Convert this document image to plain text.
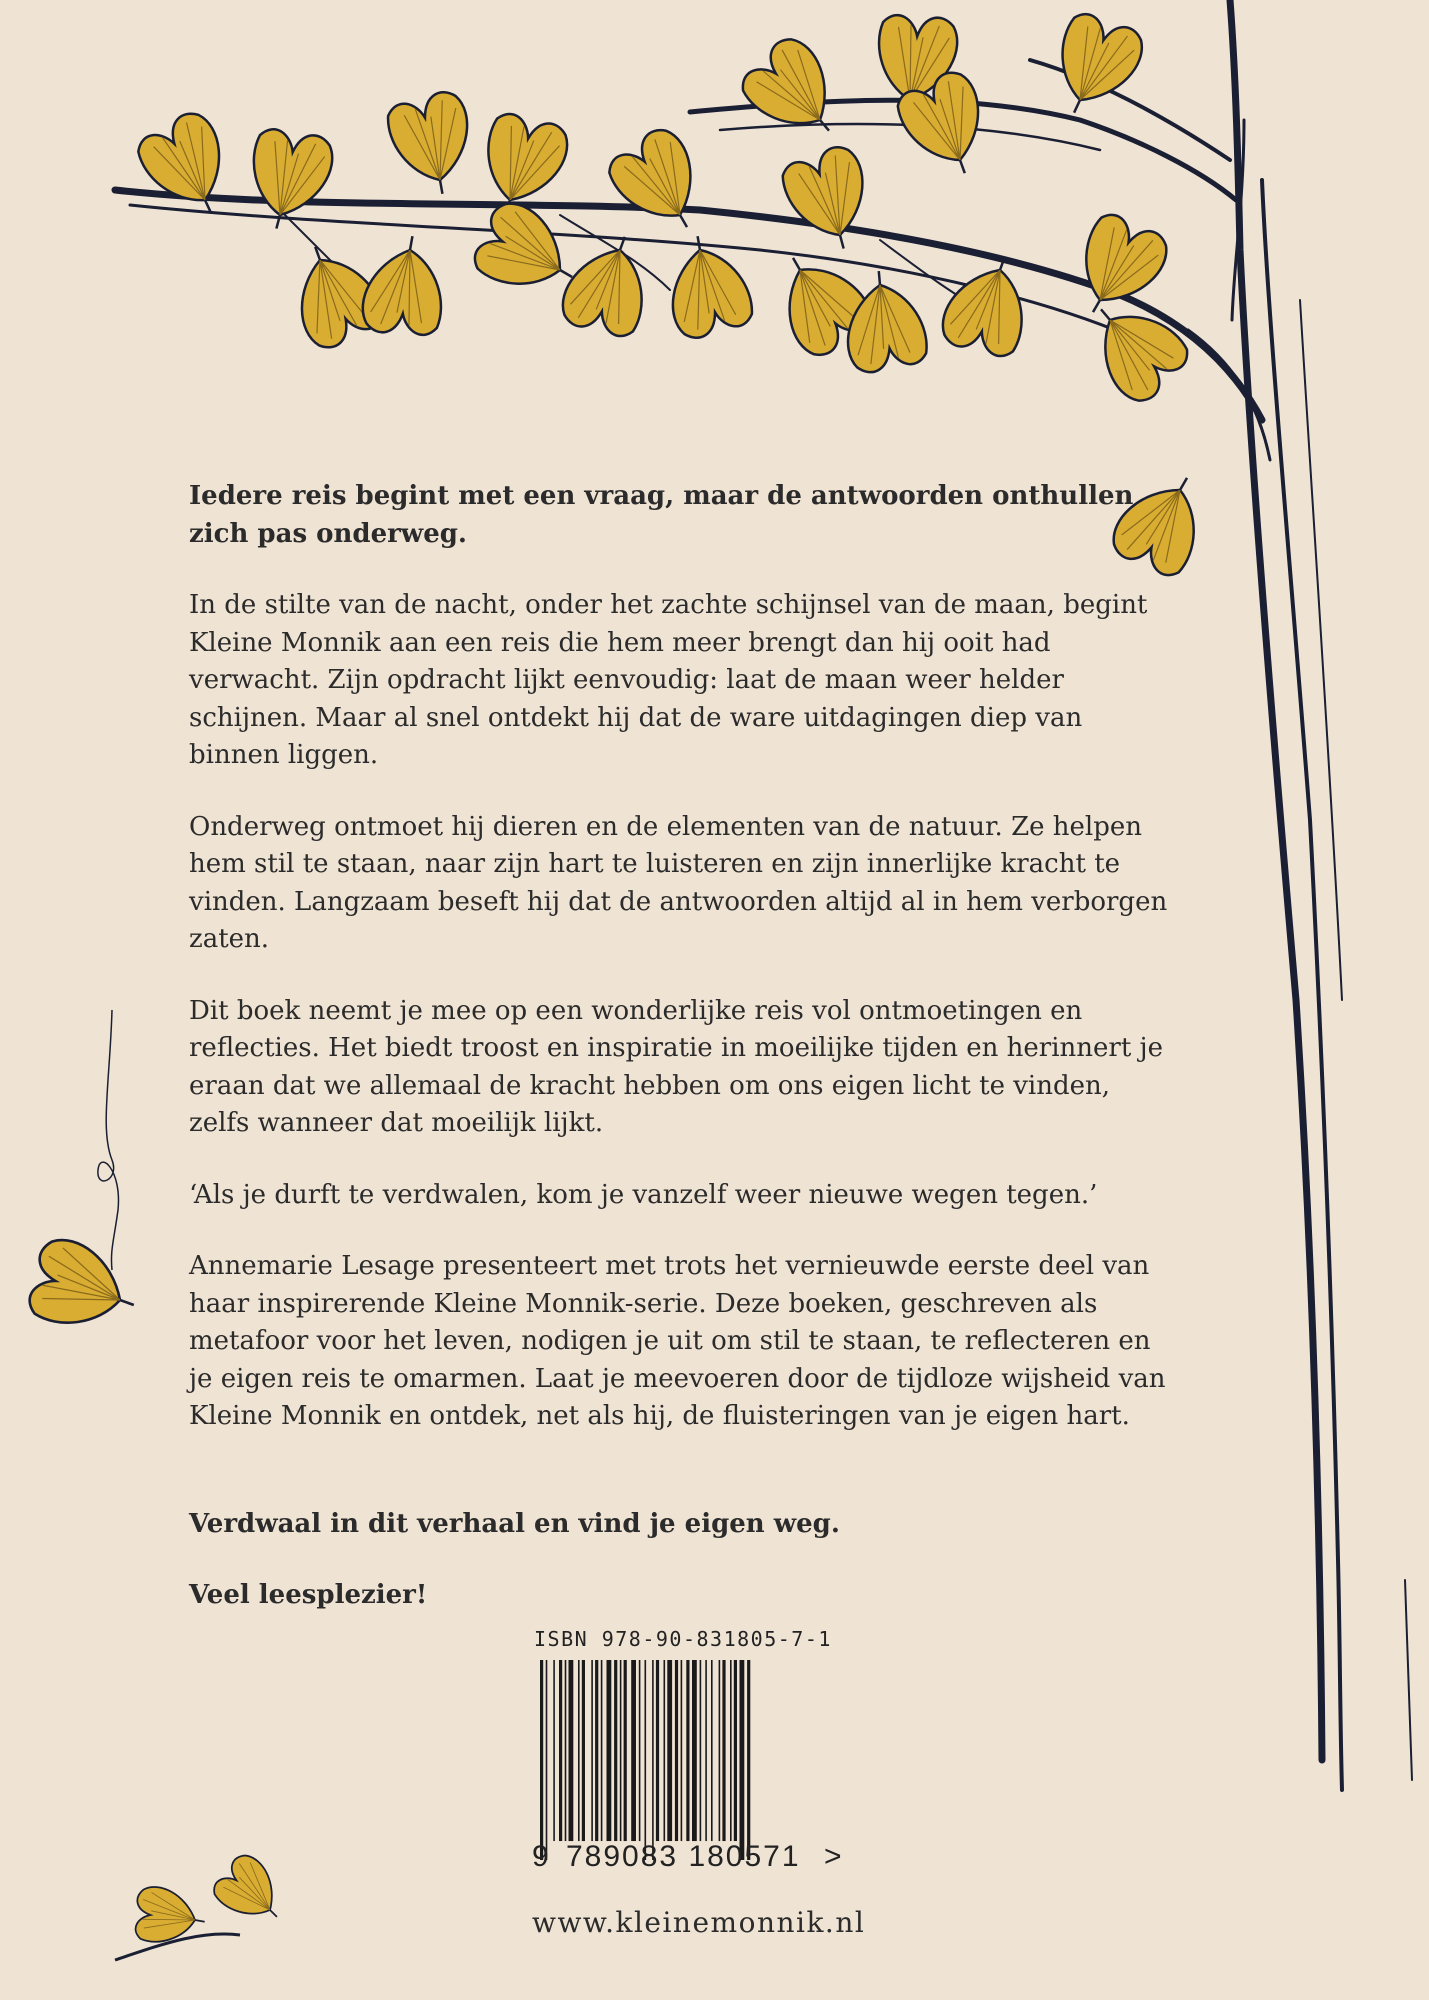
Iedere reis begint met een vraag, maar de antwoorden onthullen zich pas onderweg.

In de stilte van de nacht, onder het zachte schijnsel van de maan, begint Kleine Monnik aan een reis die hem meer brengt dan hij ooit had verwacht. Zijn opdracht lijkt eenvoudig: laat de maan weer helder schijnen. Maar al snel ontdekt hij dat de ware uitdagingen diep van binnen liggen.

Onderweg ontmoet hij dieren en de elementen van de natuur. Ze helpen hem stil te staan, naar zijn hart te luisteren en zijn innerlijke kracht te vinden. Langzaam beseft hij dat de antwoorden altijd al in hem verborgen zaten.

Dit boek neemt je mee op een wonderlijke reis vol ontmoetingen en reflecties. Het biedt troost en inspiratie in moeilijke tijden en herinnert je eraan dat we allemaal de kracht hebben om ons eigen licht te vinden, zelfs wanneer dat moeilijk lijkt.

‘Als je durft te verdwalen, kom je vanzelf weer nieuwe wegen tegen.’

Annemarie Lesage presenteert met trots het vernieuwde eerste deel van haar inspirerende Kleine Monnik-serie. Deze boeken, geschreven als metafoor voor het leven, nodigen je uit om stil te staan, te reflecteren en je eigen reis te omarmen. Laat je meevoeren door de tijdloze wijsheid van Kleine Monnik en ontdek, net als hij, de fluisteringen van je eigen hart.

Verdwaal in dit verhaal en vind je eigen weg.

Veel leesplezier!

ISBN 978-90-831805-7-1
9 789083 180571 >
www.kleinemonnik.nl
